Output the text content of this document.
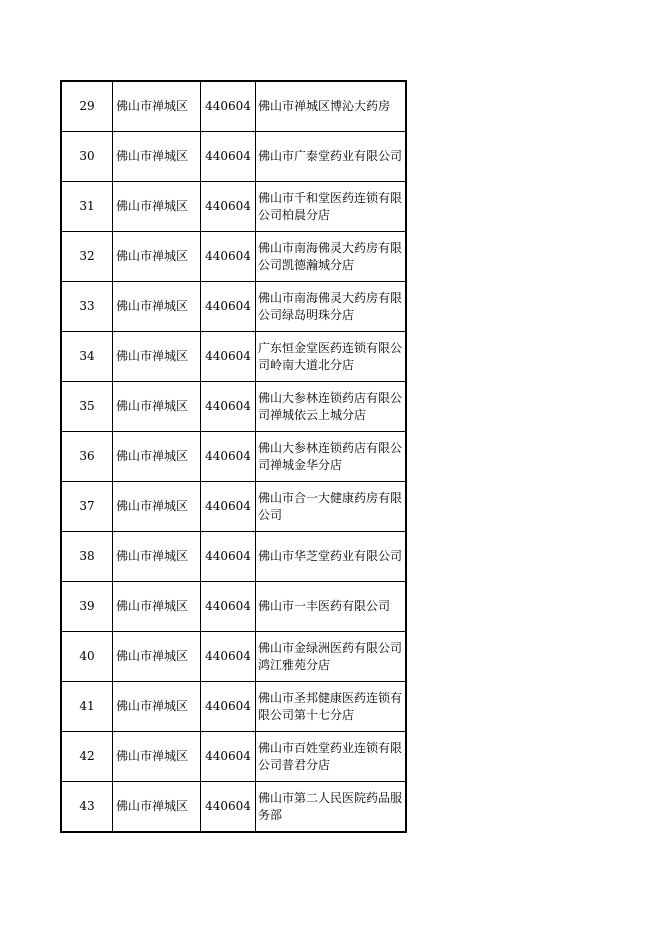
29	佛山市禅城区	440604	佛山市禅城区博沁大药房
30	佛山市禅城区	440604	佛山市广泰堂药业有限公司
31	佛山市禅城区	440604	佛山市千和堂医药连锁有限公司柏晨分店
32	佛山市禅城区	440604	佛山市南海佛灵大药房有限公司凯德瀚城分店
33	佛山市禅城区	440604	佛山市南海佛灵大药房有限公司绿岛明珠分店
34	佛山市禅城区	440604	广东恒金堂医药连锁有限公司岭南大道北分店
35	佛山市禅城区	440604	佛山大参林连锁药店有限公司禅城依云上城分店
36	佛山市禅城区	440604	佛山大参林连锁药店有限公司禅城金华分店
37	佛山市禅城区	440604	佛山市合一大健康药房有限公司
38	佛山市禅城区	440604	佛山市华芝堂药业有限公司
39	佛山市禅城区	440604	佛山市一丰医药有限公司
40	佛山市禅城区	440604	佛山市金绿洲医药有限公司鸿江雅苑分店
41	佛山市禅城区	440604	佛山市圣邦健康医药连锁有限公司第十七分店
42	佛山市禅城区	440604	佛山市百姓堂药业连锁有限公司普君分店
43	佛山市禅城区	440604	佛山市第二人民医院药品服务部
